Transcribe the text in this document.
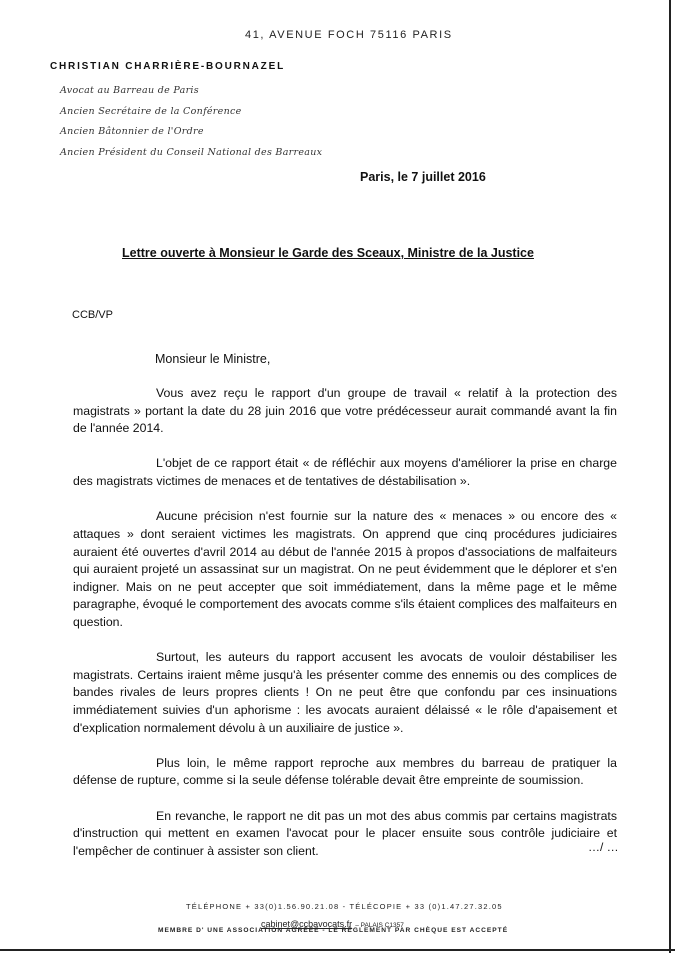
41, AVENUE FOCH 75116 PARIS
CHRISTIAN CHARRIÈRE-BOURNAZEL
Avocat au Barreau de Paris
Ancien Secrétaire de la Conférence
Ancien Bâtonnier de l'Ordre
Ancien Président du Conseil National des Barreaux
Paris, le 7 juillet 2016
Lettre ouverte à Monsieur le Garde des Sceaux, Ministre de la Justice
CCB/VP
Monsieur le Ministre,

Vous avez reçu le rapport d'un groupe de travail « relatif à la protection des magistrats » portant la date du 28 juin 2016 que votre prédécesseur aurait commandé avant la fin de l'année 2014.

L'objet de ce rapport était « de réfléchir aux moyens d'améliorer la prise en charge des magistrats victimes de menaces et de tentatives de déstabilisation ».

Aucune précision n'est fournie sur la nature des « menaces » ou encore des « attaques » dont seraient victimes les magistrats. On apprend que cinq procédures judiciaires auraient été ouvertes d'avril 2014 au début de l'année 2015 à propos d'associations de malfaiteurs qui auraient projeté un assassinat sur un magistrat. On ne peut évidemment que le déplorer et s'en indigner. Mais on ne peut accepter que soit immédiatement, dans la même page et le même paragraphe, évoqué le comportement des avocats comme s'ils étaient complices des malfaiteurs en question.

Surtout, les auteurs du rapport accusent les avocats de vouloir déstabiliser les magistrats. Certains iraient même jusqu'à les présenter comme des ennemis ou des complices de bandes rivales de leurs propres clients ! On ne peut être que confondu par ces insinuations immédiatement suivies d'un aphorisme : les avocats auraient délaissé « le rôle d'apaisement et d'explication normalement dévolu à un auxiliaire de justice ».

Plus loin, le même rapport reproche aux membres du barreau de pratiquer la défense de rupture, comme si la seule défense tolérable devait être empreinte de soumission.

En revanche, le rapport ne dit pas un mot des abus commis par certains magistrats d'instruction qui mettent en examen l'avocat pour le placer ensuite sous contrôle judiciaire et l'empêcher de continuer à assister son client.	…/ …
TÉLÉPHONE + 33(0)1.56.90.21.08 - TÉLÉCOPIE + 33 (0)1.47.27.32.05
cabinet@ccbavocats.fr – PALAIS C1357
MEMBRE D' UNE ASSOCIATION AGRÉÉE - LE RÈGLEMENT PAR CHÈQUE EST ACCEPTÉ
